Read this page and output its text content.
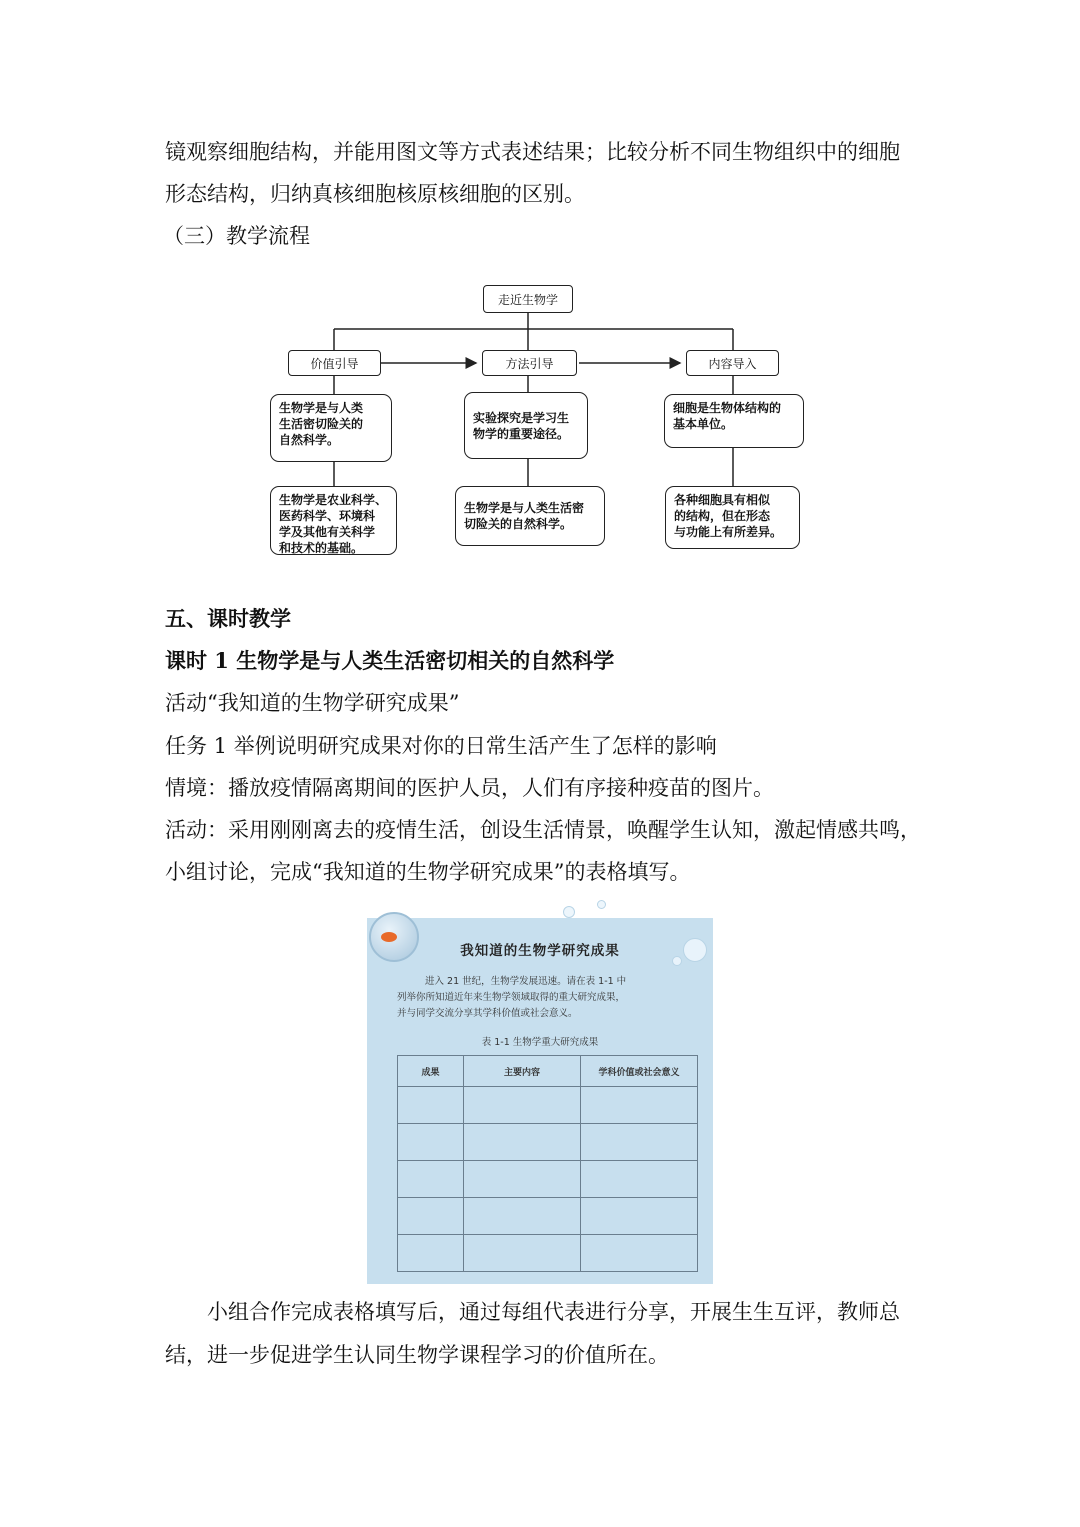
镜观察细胞结构，并能用图文等方式表述结果；比较分析不同生物组织中的细胞
形态结构，归纳真核细胞核原核细胞的区别。
（三）教学流程
走近生物学
价值引导	方法引导	内容导入
生物学是与人类
生活密切险关的
自然科学。
实验探究是学习生
物学的重要途径。
细胞是生物体结构的
基本单位。
生物学是农业科学、
医药科学、环境科
学及其他有关科学
和技术的基础。
生物学是与人类生活密
切险关的自然科学。
各种细胞具有相似
的结构，但在形态
与功能上有所差异。
五、课时教学
课时 1 生物学是与人类生活密切相关的自然科学
活动“我知道的生物学研究成果”
任务 1 举例说明研究成果对你的日常生活产生了怎样的影响
情境：播放疫情隔离期间的医护人员，人们有序接种疫苗的图片。
活动：采用刚刚离去的疫情生活，创设生活情景，唤醒学生认知，激起情感共鸣，
小组讨论，完成“我知道的生物学研究成果”的表格填写。
我知道的生物学研究成果
进入 21 世纪，生物学发展迅速。请在表 1-1 中
列举你所知道近年来生物学领域取得的重大研究成果，
并与同学交流分享其学科价值或社会意义。
表 1-1 生物学重大研究成果
成果	主要内容	学科价值或社会意义

小组合作完成表格填写后，通过每组代表进行分享，开展生生互评，教师总
结，进一步促进学生认同生物学课程学习的价值所在。
